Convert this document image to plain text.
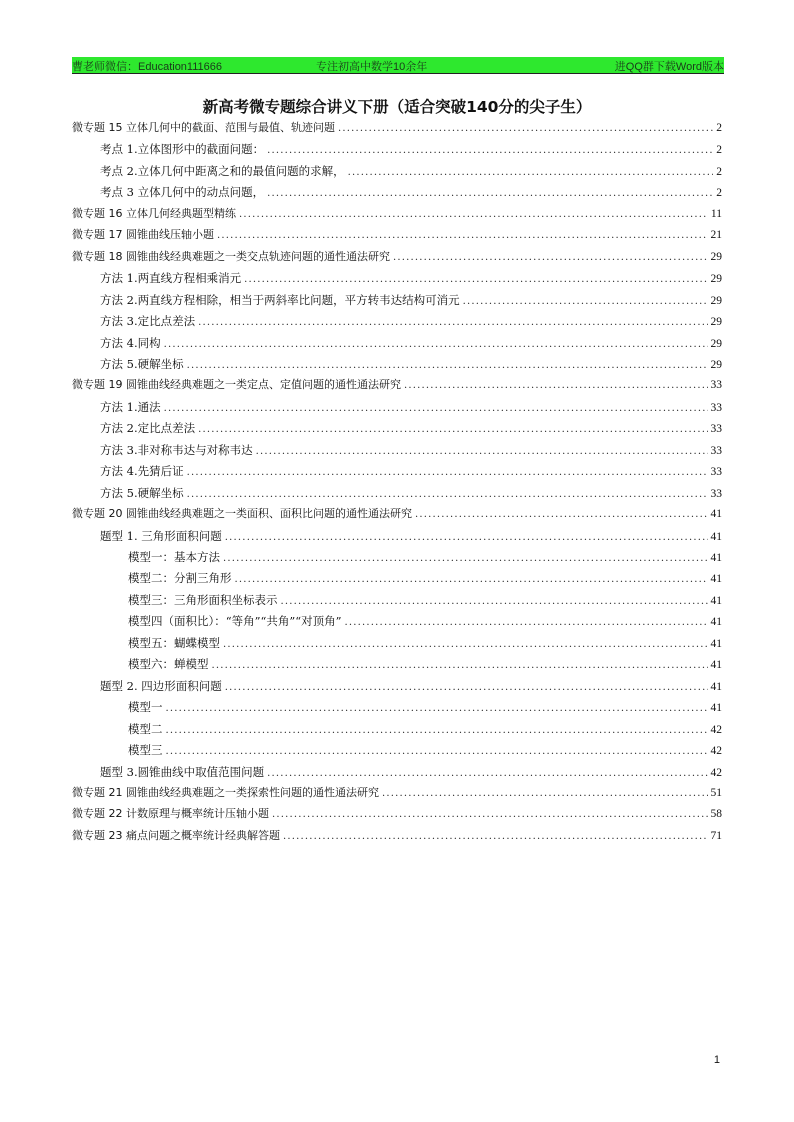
曹老师微信：Education111666	专注初高中数学10余年	进QQ群下载Word版本
新高考微专题综合讲义下册（适合突破140分的尖子生）
微专题 15 立体几何中的截面、范围与最值、轨迹问题 .....	2
考点 1.立体图形中的截面问题： .....	2
考点 2.立体几何中距离之和的最值问题的求解， .....	2
考点 3 立体几何中的动点问题， .....	2
微专题 16 立体几何经典题型精练 .....	11
微专题 17 圆锥曲线压轴小题 .....	21
微专题 18 圆锥曲线经典难题之一类交点轨迹问题的通性通法研究 .....	29
方法 1.两直线方程相乘消元 .....	29
方法 2.两直线方程相除，相当于两斜率比问题，平方转韦达结构可消元 .....	29
方法 3.定比点差法 .....	29
方法 4.同构 .....	29
方法 5.硬解坐标 .....	29
微专题 19 圆锥曲线经典难题之一类定点、定值问题的通性通法研究 .....	33
方法 1.通法 .....	33
方法 2.定比点差法 .....	33
方法 3.非对称韦达与对称韦达 .....	33
方法 4.先猜后证 .....	33
方法 5.硬解坐标 .....	33
微专题 20 圆锥曲线经典难题之一类面积、面积比问题的通性通法研究 .....	41
题型 1. 三角形面积问题 .....	41
模型一：基本方法 .....	41
模型二：分割三角形 .....	41
模型三：三角形面积坐标表示 .....	41
模型四（面积比）：“等角”“共角”“对顶角” .....	41
模型五：蝴蝶模型 .....	41
模型六：蝉模型 .....	41
题型 2. 四边形面积问题 .....	41
模型一 .....	41
模型二 .....	42
模型三 .....	42
题型 3.圆锥曲线中取值范围问题 .....	42
微专题 21 圆锥曲线经典难题之一类探索性问题的通性通法研究 .....	51
微专题 22 计数原理与概率统计压轴小题 .....	58
微专题 23 痛点问题之概率统计经典解答题 .....	71
1
